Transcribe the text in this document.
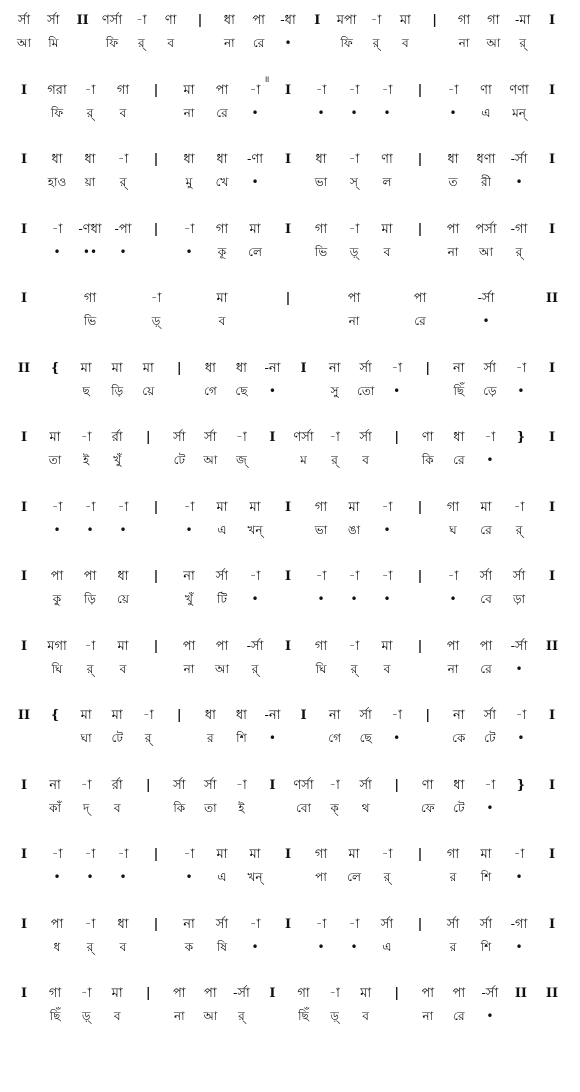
॥
র্সা র্সা II ণর্সা -া ণা | ধা পা -ধা I মপা -া মা | গা গা -মা I
আ মি	ফি র্ ব	না রে •	ফি র্ ব	না আ র্
I গরা -া গা | মা পা -া I -া -া -া | -া ণা ণণা I
ফি র্ ব	না রে •	• • •	• এ মন্
I ধা ধা -া | ধা ধা -ণা I ধা -া ণা | ধা ধণা -র্সা I
হাও য়া র্	মু খে •	ভা স্ ল	ত রী •
I -া -ণধা -পা | -া গা মা I গা -া মা | পা পর্সা -গা I
• •• •	• কূ লে	ভি ড়্ ব	না আ র্
I	গা	-া	মা	|	পা	পা	-র্সা	II
ভি	ড়্	ব	না	রে	•
II { মা মা মা | ধা ধা -না I না র্সা -া | না র্সা -া I
ছ ড়ি য়ে	গে ছে •	সু তো •	ছিঁ ড়ে •
I মা -া র্রা | র্সা র্সা -া I ণর্সা -া র্সা | ণা ধা -া } I
তা ই খুঁ	টে আ জ্	ম র্ ব	কি রে •
I -া -া -া | -া মা মা I গা মা -া | গা মা -া I
• • •	• এ খন্	ভা ঙা •	ঘ রে র্
I পা পা ধা | না র্সা -া I -া -া -া | -া র্সা র্সা I
কু ড়ি য়ে	খুঁ টি •	• • •	• বে ড়া
I মগা -া মা | পা পা -র্সা I গা -া মা | পা পা -র্সা II
ঘি র্ ব	না আ র্	ঘি র্ ব	না রে •
II { মা মা -া | ধা ধা -না I না র্সা -া | না র্সা -া I
ঘা টে র্	র শি •	গে ছে •	কে টে •
I না -া র্রা | র্সা র্সা -া I ণর্সা -া র্সা | ণা ধা -া } I
কাঁ দ্ ব	কি তা ই	বো ক্ থ	ফে টে •
I -া -া -া | -া মা মা I গা মা -া | গা মা -া I
• • •	• এ খন্	পা লে র্	র শি •
I পা -া ধা | না র্সা -া I -া -া র্সা | র্সা র্সা -গা I
ধ র্ ব	ক ষি •	• • এ	র শি •
I গা -া মা | পা পা -র্সা I গা -া মা | পা পা -র্সা II II
ছিঁ ড়্ ব	না আ র্	ছিঁ ড়্ ব	না রে •
